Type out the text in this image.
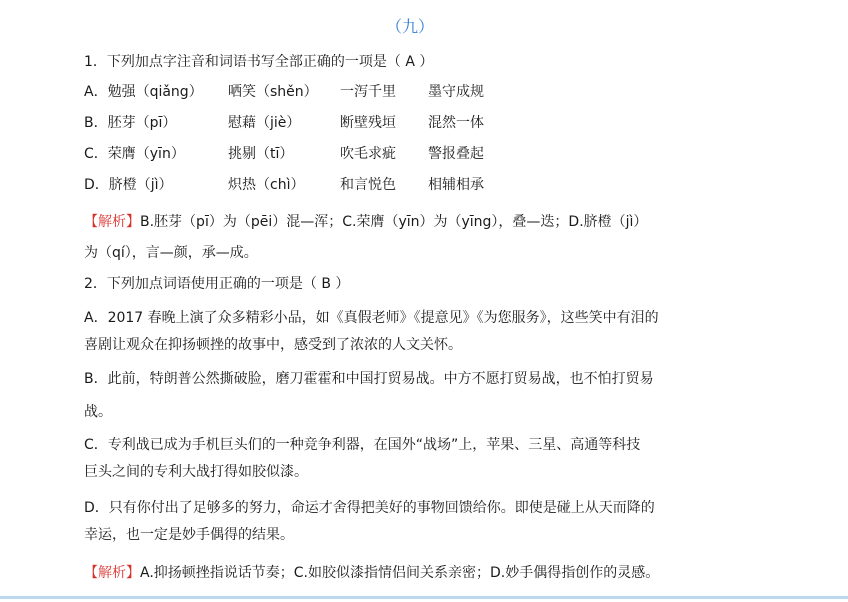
（九）
1．下列加点字注音和词语书写全部正确的一项是（ A ）
A．勉强（qiǎng） 哂笑（shěn） 一泻千里 墨守成规
B．胚芽（pī）	慰藉（jiè）	断壁残垣 混然一体
C．荣膺（yīn）	挑剔（tī）	吹毛求疵 警报叠起
D．脐橙（jì）	炽热（chì）	和言悦色 相辅相承
【解析】B.胚芽（pī）为（pēi）混—浑；C.荣膺（yīn）为（yīng），叠—迭；D.脐橙（jì）
为（qí），言—颜，承—成。
2．下列加点词语使用正确的一项是（ B ）
A．2017 春晚上演了众多精彩小品，如《真假老师》《提意见》《为您服务》，这些笑中有泪的
喜剧让观众在抑扬顿挫的故事中，感受到了浓浓的人文关怀。
B．此前，特朗普公然撕破脸，磨刀霍霍和中国打贸易战。中方不愿打贸易战，也不怕打贸易
战。
C．专利战已成为手机巨头们的一种竞争利器，在国外“战场”上，苹果、三星、高通等科技
巨头之间的专利大战打得如胶似漆。
D．只有你付出了足够多的努力，命运才舍得把美好的事物回馈给你。即使是碰上从天而降的
幸运，也一定是妙手偶得的结果。
【解析】A.抑扬顿挫指说话节奏；C.如胶似漆指情侣间关系亲密；D.妙手偶得指创作的灵感。
